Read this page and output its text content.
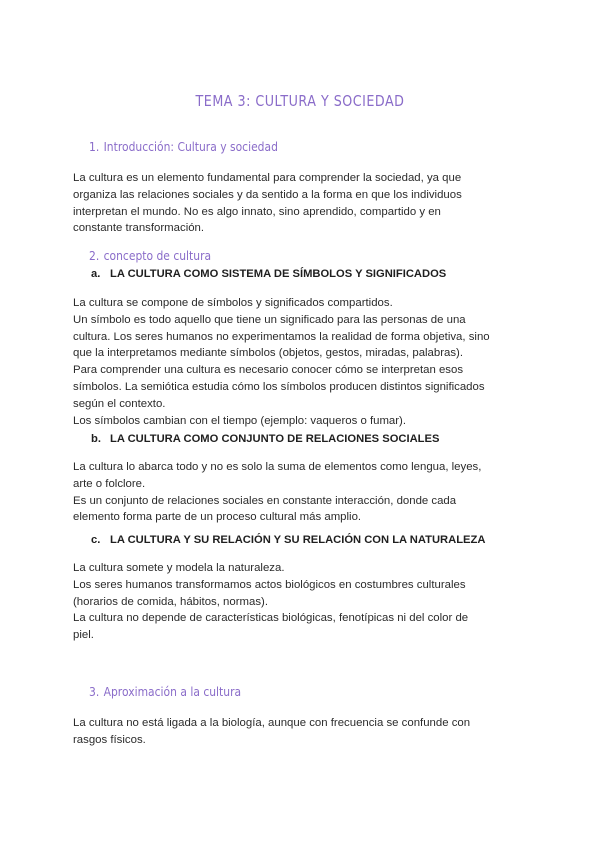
TEMA 3: CULTURA Y SOCIEDAD
1. Introducción: Cultura y sociedad
La cultura es un elemento fundamental para comprender la sociedad, ya que
organiza las relaciones sociales y da sentido a la forma en que los individuos
interpretan el mundo. No es algo innato, sino aprendido, compartido y en
constante transformación.
2. concepto de cultura
a. LA CULTURA COMO SISTEMA DE SÍMBOLOS Y SIGNIFICADOS
La cultura se compone de símbolos y significados compartidos.
Un símbolo es todo aquello que tiene un significado para las personas de una
cultura. Los seres humanos no experimentamos la realidad de forma objetiva, sino
que la interpretamos mediante símbolos (objetos, gestos, miradas, palabras).
Para comprender una cultura es necesario conocer cómo se interpretan esos
símbolos. La semiótica estudia cómo los símbolos producen distintos significados
según el contexto.
Los símbolos cambian con el tiempo (ejemplo: vaqueros o fumar).
b. LA CULTURA COMO CONJUNTO DE RELACIONES SOCIALES
La cultura lo abarca todo y no es solo la suma de elementos como lengua, leyes,
arte o folclore.
Es un conjunto de relaciones sociales en constante interacción, donde cada
elemento forma parte de un proceso cultural más amplio.
c. LA CULTURA Y SU RELACIÓN Y SU RELACIÓN CON LA NATURALEZA
La cultura somete y modela la naturaleza.
Los seres humanos transformamos actos biológicos en costumbres culturales
(horarios de comida, hábitos, normas).
La cultura no depende de características biológicas, fenotípicas ni del color de
piel.
3. Aproximación a la cultura
La cultura no está ligada a la biología, aunque con frecuencia se confunde con
rasgos físicos.
